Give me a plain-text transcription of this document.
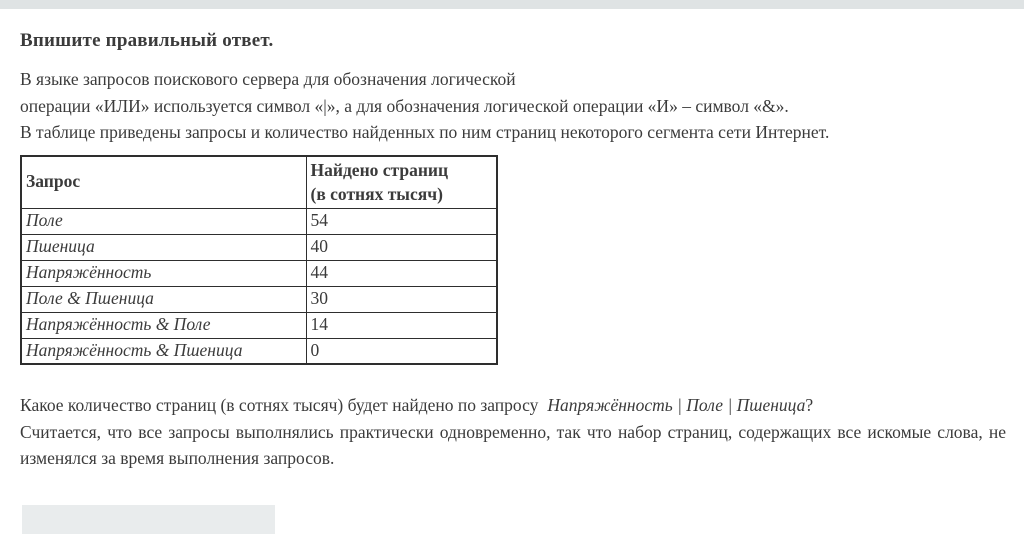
Впишите правильный ответ.
В языке запросов поискового сервера для обозначения логической
операции «ИЛИ» используется символ «|», а для обозначения логической операции «И» – символ «&».
В таблице приведены запросы и количество найденных по ним страниц некоторого сегмента сети Интернет.
Запрос	Найдено страниц
(в сотнях тысяч)

Поле	54
Пшеница	40
Напряжённость	44
Поле & Пшеница	30
Напряжённость & Поле	14
Напряжённость & Пшеница	0
Какое количество страниц (в сотнях тысяч) будет найдено по запросу Напряжённость | Поле | Пшеница?
Считается, что все запросы выполнялись практически одновременно, так что набор страниц, содержащих все искомые слова, не изменялся за время выполнения запросов.
